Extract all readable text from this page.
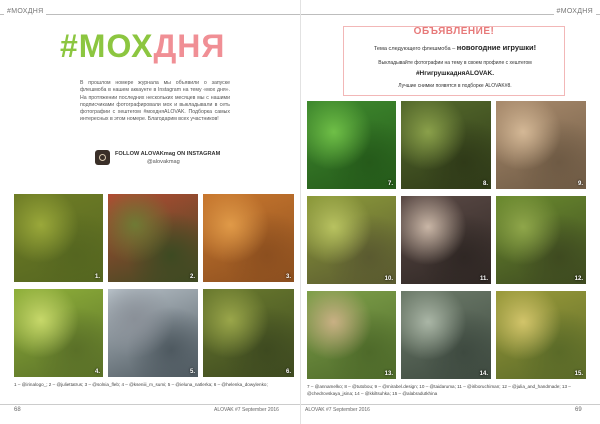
#МОХДНЯ
#МОХДНЯ
В прошлом номере журнала мы объявили о запуске флешмоба в нашем аккаунте в Instagram на тему «мох дня». На протяжении последних нескольких месяцев мы с нашими подписчиками фотографировали мох и выкладывали в сеть фотографии с хештегом #мохдняALOVAK. Подборка самых интересных в этом номере. Благодарим всех участников!
FOLLOW ALOVAKmag ON INSTAGRAM
@alovakmag
1.	2.	3.
4.	5.	6.
1 – @irinalogo_; 2 – @juliettatrus; 3 – @solnia_fleb; 4 – @kseniii_m_sumi; 5 – @ieluna_natlerka; 6 – @helenka_dowylenko;
68	ALOVAK #7 September 2016
#МОХДНЯ
ОБЪЯВЛЕНИЕ!
Тема следующего флешмоба – новогодние игрушки!
Выкладывайте фотографии на тему в своем профиле с хештегом
#НгигрушкадняALOVAK.
Лучшие снимки появятся в подборке ALOVAK#8.
7.	8.	9.
10.	11.	12.
13.	14.	15.
7 – @annamelko; 8 – @tutobou; 9 – @mirabel.design; 10 – @taidaruma; 11 – @iriboruchiman; 12 – @julia_and_handmade; 13 – @chedrovskaya_jsina; 14 – @kkiltsuhka; 15 – @alabradutkhina
ALOVAK #7 September 2016	69
